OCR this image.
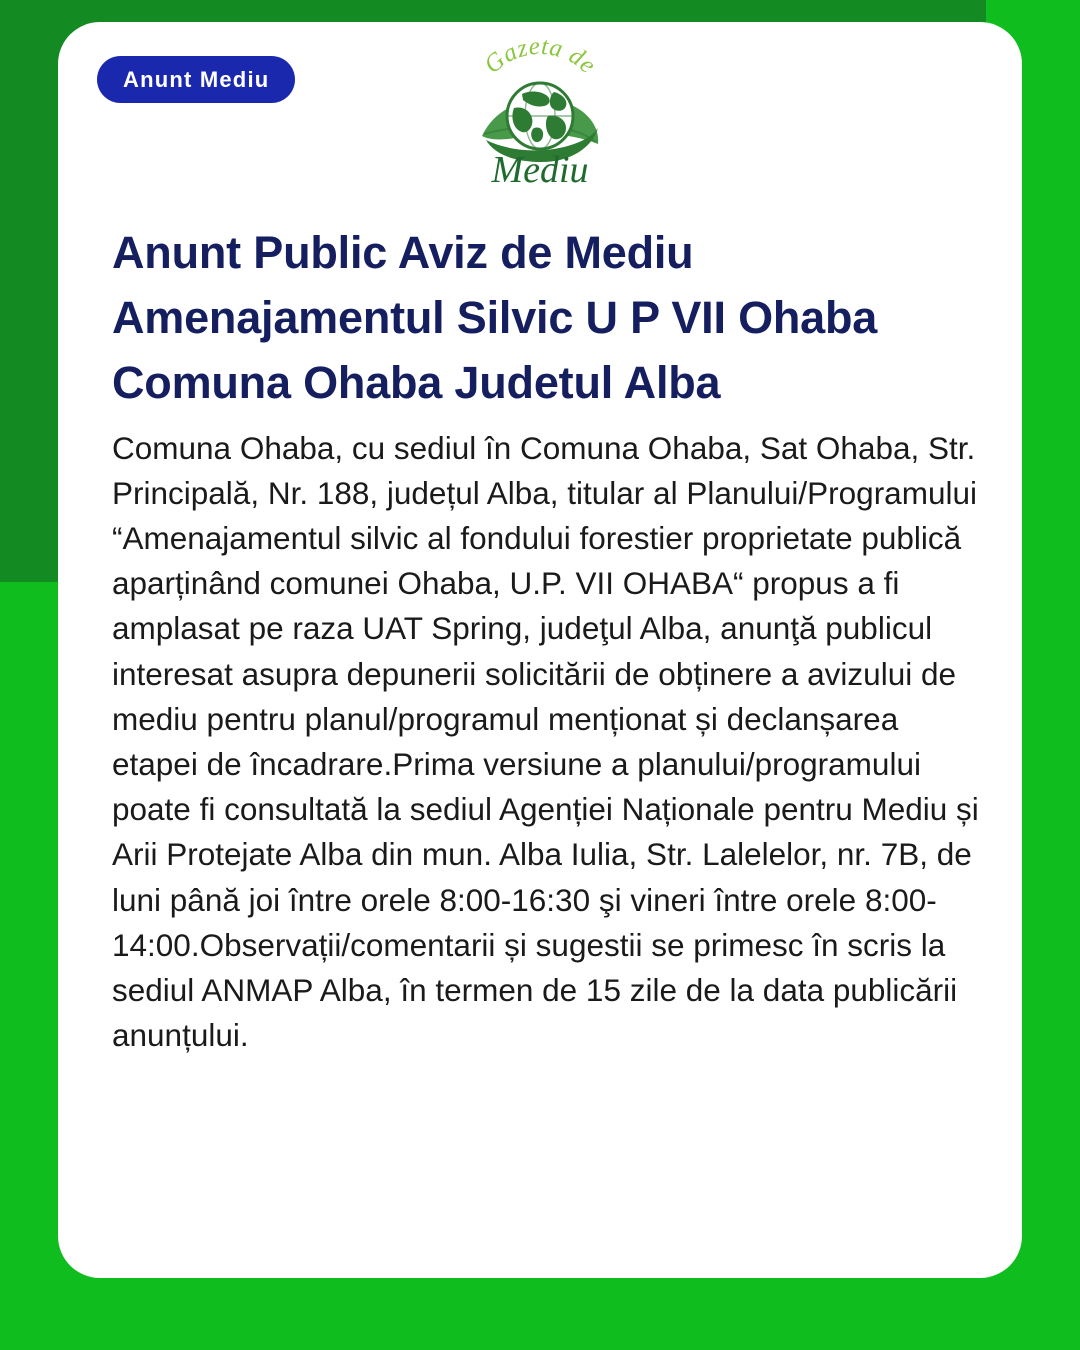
Anunt Mediu
Gazeta de
Mediu
Anunt Public Aviz de Mediu Amenajamentul Silvic U P VII Ohaba Comuna Ohaba Judetul Alba

Comuna Ohaba, cu sediul în Comuna Ohaba, Sat Ohaba, Str. Principală, Nr. 188, județul Alba, titular al Planului/Programului “Amenajamentul silvic al fondului forestier proprietate publică aparținând comunei Ohaba, U.P. VII OHABA“ propus a fi amplasat pe raza UAT Spring, judeţul Alba, anunţă publicul interesat asupra depunerii solicitării de obținere a avizului de mediu pentru planul/programul menționat și declanșarea etapei de încadrare.Prima versiune a planului/programului poate fi consultată la sediul Agenției Naționale pentru Mediu și Arii Protejate Alba din mun. Alba Iulia, Str. Lalelelor, nr. 7B, de luni până joi între orele 8:00-16:30 şi vineri între orele 8:00-14:00.Observații/comentarii și sugestii se primesc în scris la sediul ANMAP Alba, în termen de 15 zile de la data publicării anunțului.
